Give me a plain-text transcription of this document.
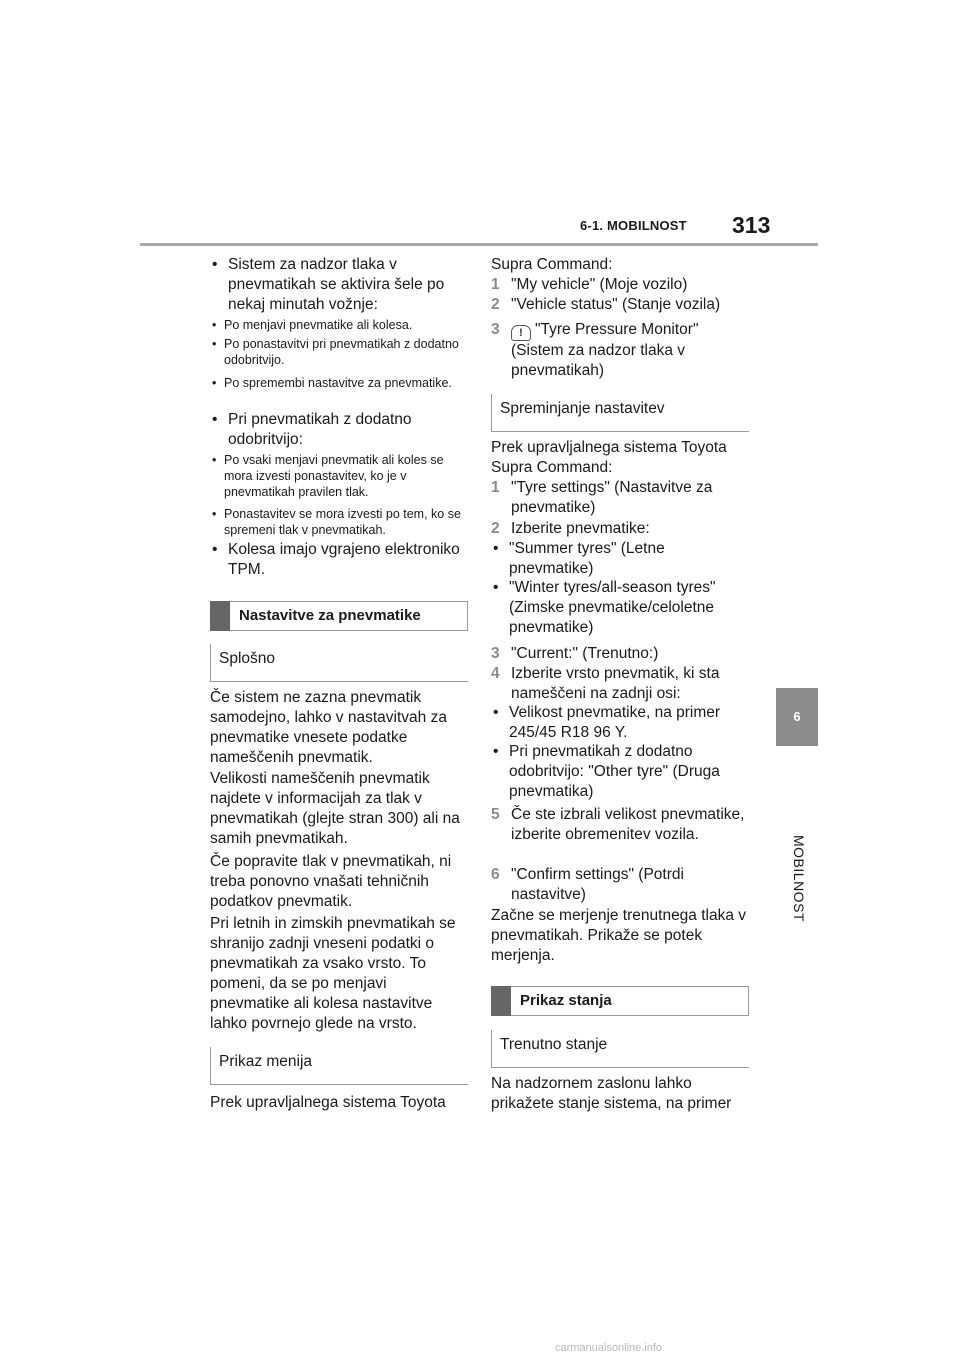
6-1. MOBILNOST 313
6
MOBILNOST
• Sistem za nadzor tlaka v pnevmatikah se aktivira šele po nekaj minutah vožnje:
• Po menjavi pnevmatike ali kolesa.
• Po ponastavitvi pri pnevmatikah z dodatno odobritvijo.
• Po spremembi nastavitve za pnevmatike.
• Pri pnevmatikah z dodatno odobritvijo:
• Po vsaki menjavi pnevmatik ali koles se mora izvesti ponastavitev, ko je v pnevmatikah pravilen tlak.
• Ponastavitev se mora izvesti po tem, ko se spremeni tlak v pnevmatikah.
• Kolesa imajo vgrajeno elektroniko TPM.
Nastavitve za pnevmatike
Splošno

Če sistem ne zazna pnevmatik samodejno, lahko v nastavitvah za pnevmatike vnesete podatke nameščenih pnevmatik.

Velikosti nameščenih pnevmatik najdete v informacijah za tlak v pnevmatikah (glejte stran 300) ali na samih pnevmatikah.

Če popravite tlak v pnevmatikah, ni treba ponovno vnašati tehničnih podatkov pnevmatik.

Pri letnih in zimskih pnevmatikah se shranijo zadnji vneseni podatki o pnevmatikah za vsako vrsto. To pomeni, da se po menjavi pnevmatike ali kolesa nastavitve lahko povrnejo glede na vrsto.

Prikaz menija

Prek upravljalnega sistema Toyota

Supra Command:

1 "My vehicle" (Moje vozilo)
2 "Vehicle status" (Stanje vozila)
3	! "Tyre Pressure Monitor" (Sistem za nadzor tlaka v pnevmatikah)
Spreminjanje nastavitev

Prek upravljalnega sistema Toyota Supra Command:

1 "Tyre settings" (Nastavitve za pnevmatike)
2 Izberite pnevmatike:
• "Summer tyres" (Letne pnevmatike)
• "Winter tyres/all-season tyres" (Zimske pnevmatike/celoletne pnevmatike)
3 "Current:" (Trenutno:)
4 Izberite vrsto pnevmatik, ki sta nameščeni na zadnji osi:
• Velikost pnevmatike, na primer 245/45 R18 96 Y.
• Pri pnevmatikah z dodatno odobritvijo: "Other tyre" (Druga pnevmatika)
5 Če ste izbrali velikost pnevmatike, izberite obremenitev vozila.
6 "Confirm settings" (Potrdi nastavitve)

Začne se merjenje trenutnega tlaka v pnevmatikah. Prikaže se potek merjenja.

Prikaz stanja
Trenutno stanje

Na nadzornem zaslonu lahko prikažete stanje sistema, na primer

carmanualsonline.info
